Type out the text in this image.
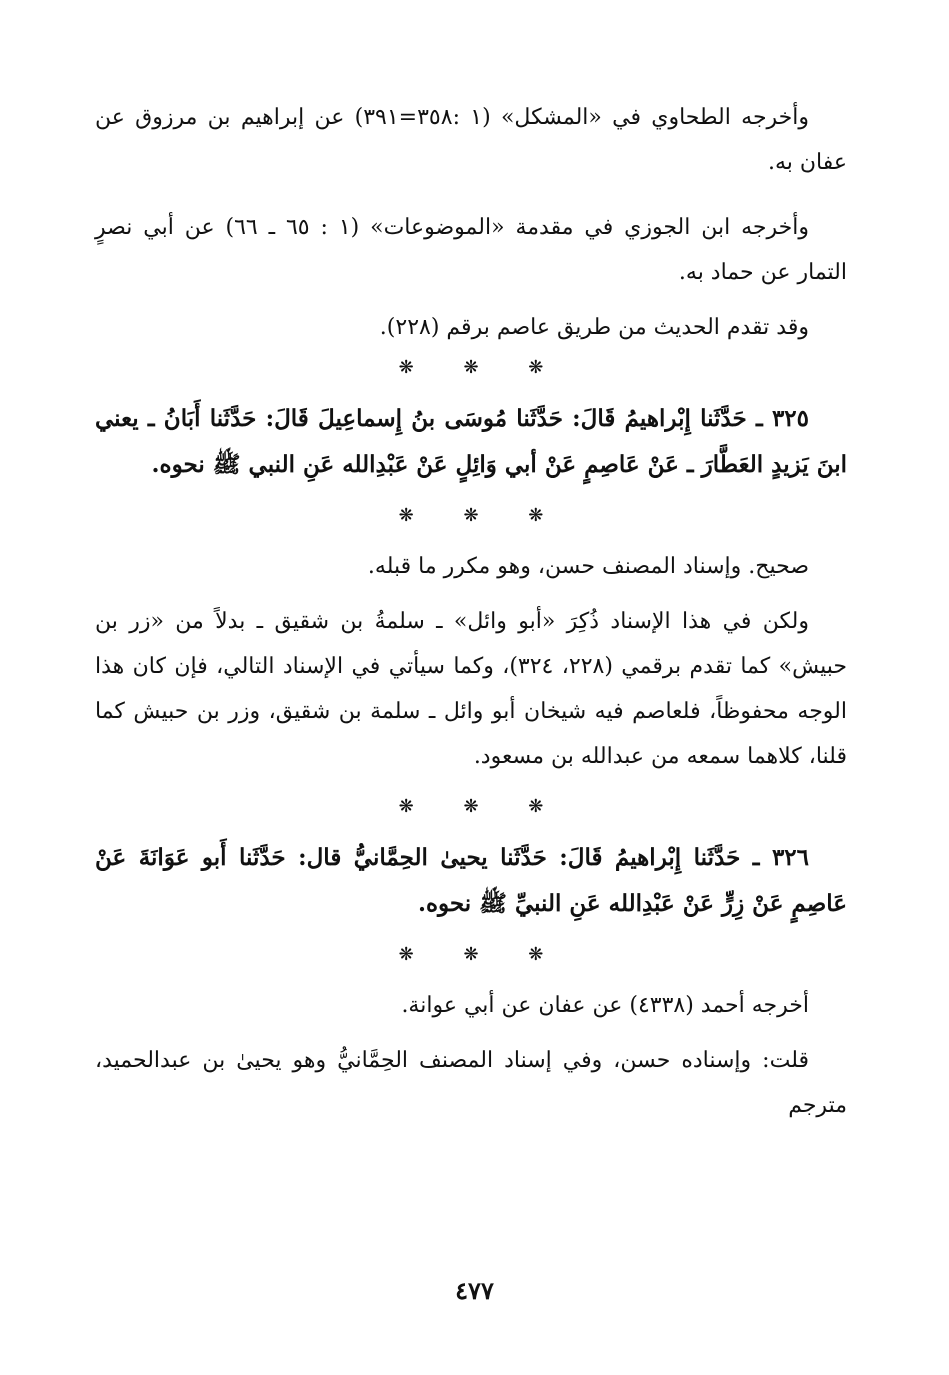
وأخرجه الطحاوي في «المشكل» (١ :٣٥٨=٣٩١) عن إبراهيم بن مرزوق عن عفان به.

وأخرجه ابن الجوزي في مقدمة «الموضوعات» (١ : ٦٥ ـ ٦٦) عن أبي نصرٍ التمار عن حماد به.

وقد تقدم الحديث من طريق عاصم برقم (٢٢٨).

❋ ❋ ❋

٣٢٥ ـ حَدَّثَنا إِبْراهيمُ قَالَ: حَدَّثَنا مُوسَى بنُ إِسماعِيلَ قَالَ: حَدَّثَنا أَبَانُ ـ يعني ابنَ يَزيدٍ العَطَّارَ ـ عَنْ عَاصِمٍ عَنْ أبي وَائِلٍ عَنْ عَبْدِالله عَنِ النبي ﷺ نحوه.

❋ ❋ ❋

صحيح. وإسناد المصنف حسن، وهو مكرر ما قبله.

ولكن في هذا الإسناد ذُكِرَ «أبو وائل» ـ سلمةُ بن شقيق ـ بدلاً من «زر بن حبيش» كما تقدم برقمي (٢٢٨، ٣٢٤)، وكما سيأتي في الإسناد التالي، فإن كان هذا الوجه محفوظاً، فلعاصم فيه شيخان أبو وائل ـ سلمة بن شقيق، وزر بن حبيش كما قلنا، كلاهما سمعه من عبدالله بن مسعود.

❋ ❋ ❋

٣٢٦ ـ حَدَّثَنا إِبْراهيمُ قَالَ: حَدَّثَنا يحيىٰ الحِمَّانيُّ قال: حَدَّثَنا أَبو عَوَانَةَ عَنْ عَاصِمٍ عَنْ زِرٍّ عَنْ عَبْدِالله عَنِ النبيِّ ﷺ نحوه.

❋ ❋ ❋

أخرجه أحمد (٤٣٣٨) عن عفان عن أبي عوانة.

قلت: وإسناده حسن، وفي إسناد المصنف الحِمَّانيُّ وهو يحيىٰ بن عبدالحميد، مترجم

٤٧٧
